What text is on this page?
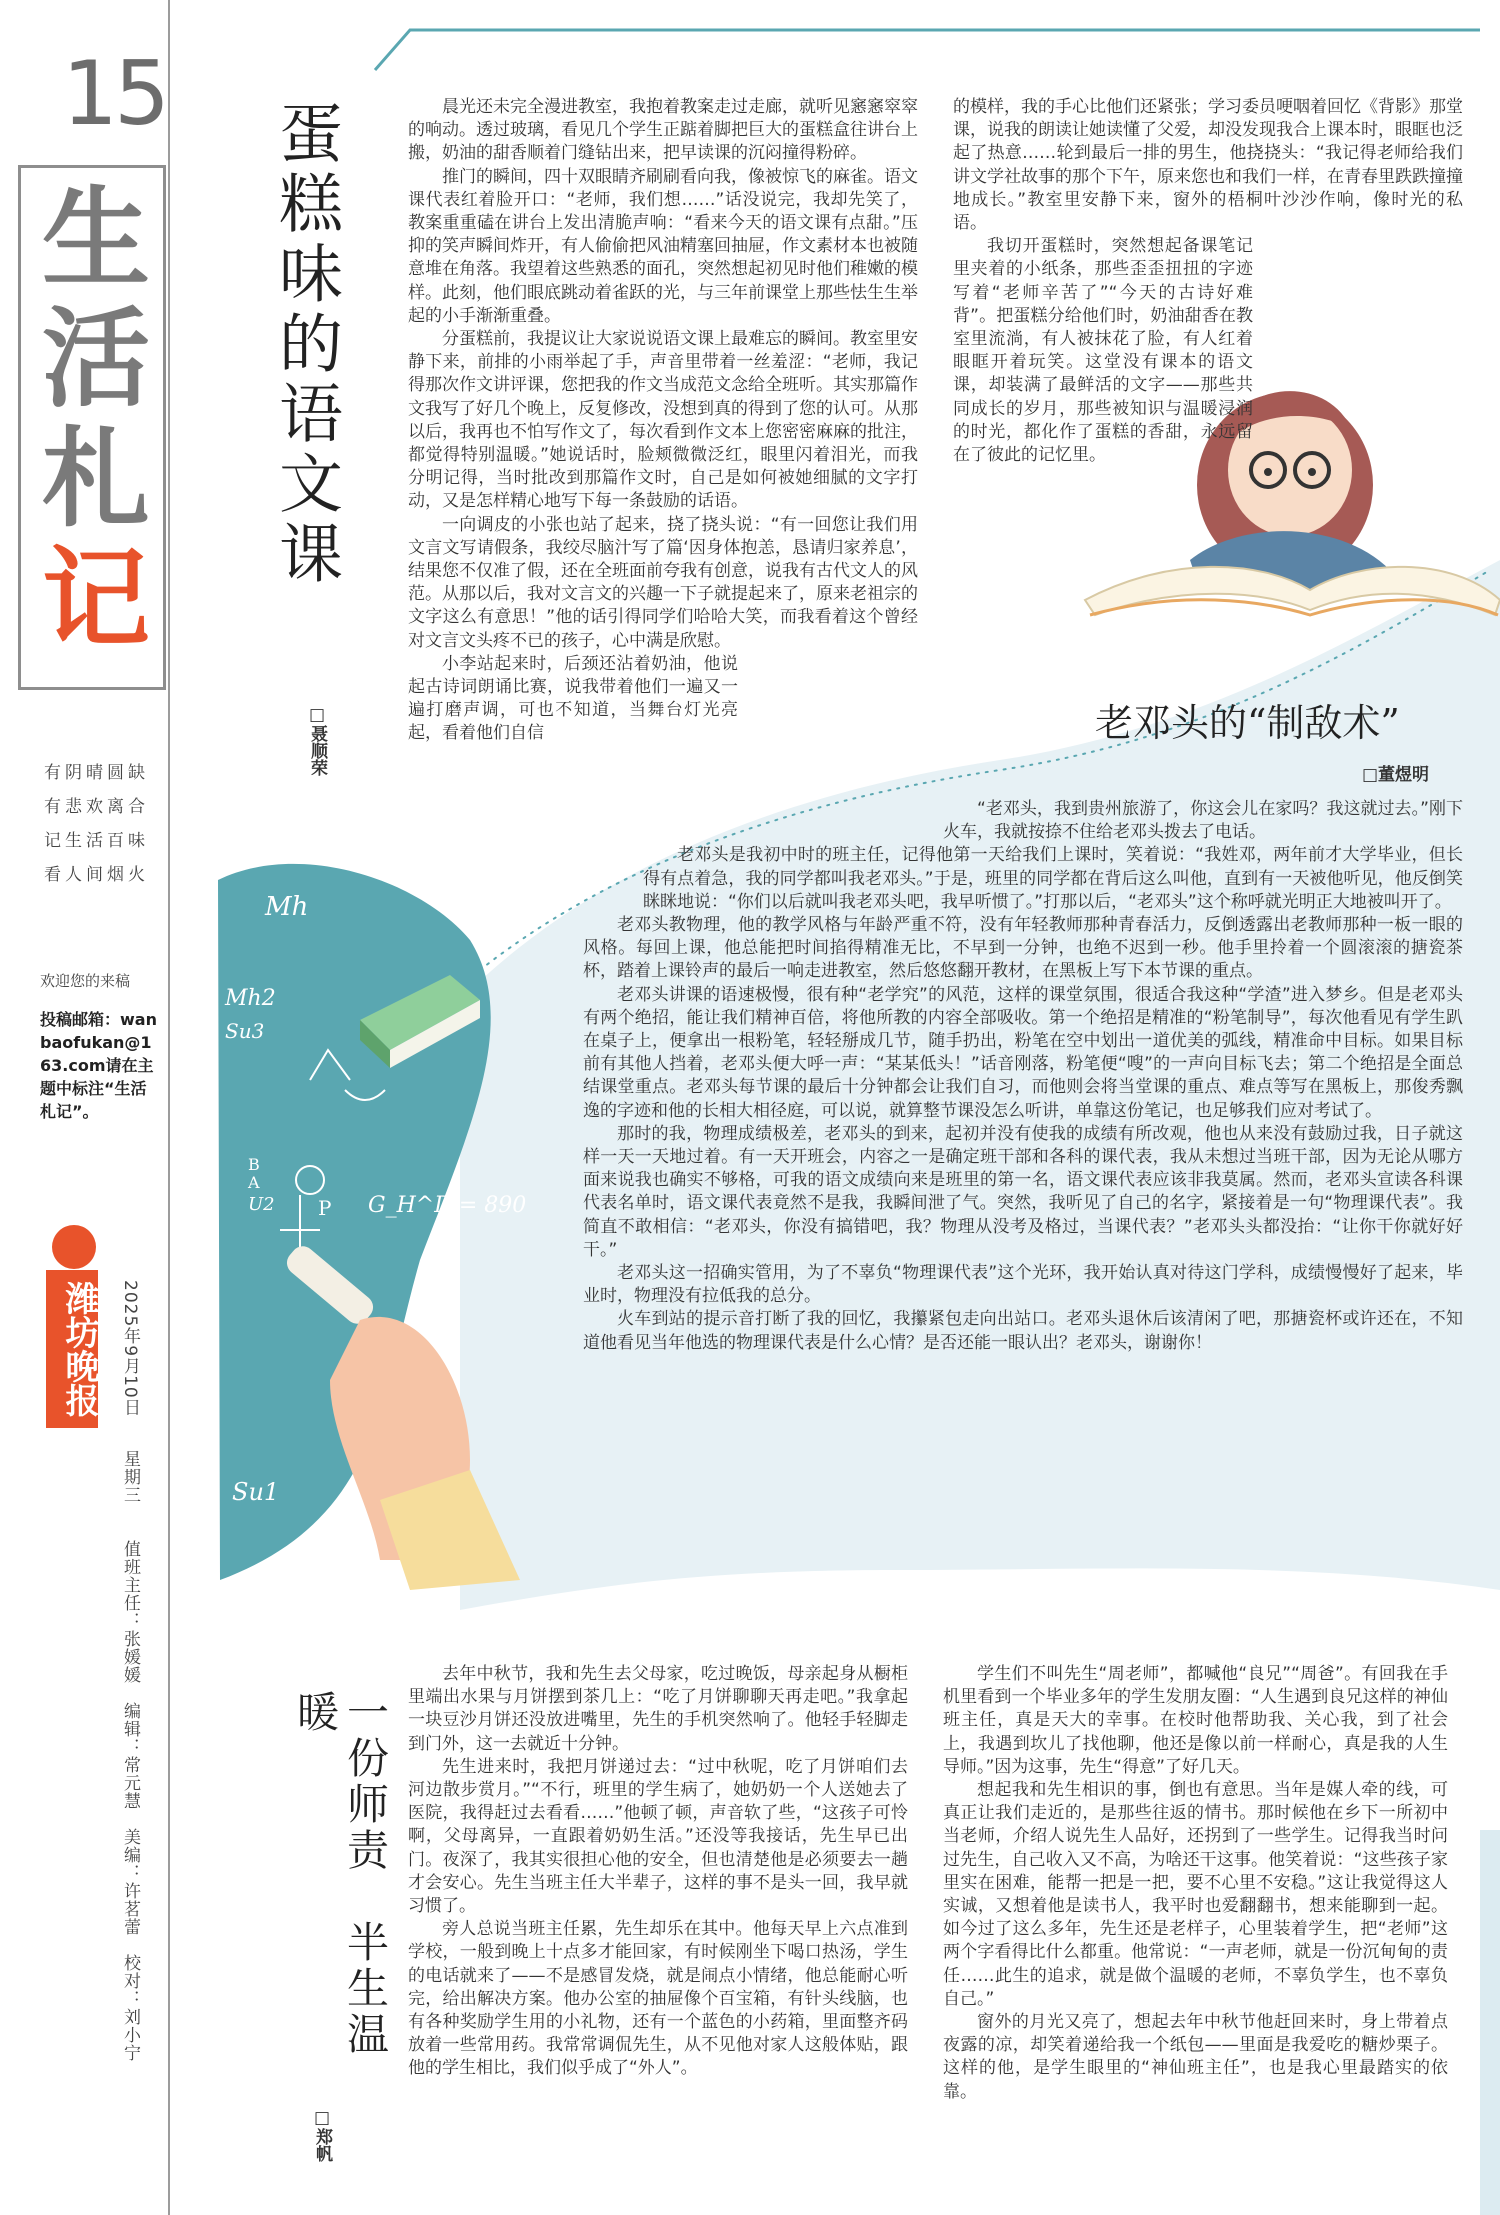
Mh
Mh2
Su3
B
A
U2 P G_H^D = 890
Su1
15
生
活
札
记
有阴晴圆缺
有悲欢离合
记生活百味
看人间烟火
欢迎您的来稿
投稿邮箱：wanbaofukan@163.com请在主题中标注“生活札记”。
潍坊晚报 2025年9月10日
星期三
值班主任：张媛媛　编辑：常元慧　美编：许茗蕾　校对：刘小宁
蛋糕味的语文课
□聂顺荣

晨光还未完全漫进教室，我抱着教案走过走廊，就听见窸窸窣窣的响动。透过玻璃，看见几个学生正踮着脚把巨大的蛋糕盒往讲台上搬，奶油的甜香顺着门缝钻出来，把早读课的沉闷撞得粉碎。

推门的瞬间，四十双眼睛齐刷刷看向我，像被惊飞的麻雀。语文课代表红着脸开口：“老师，我们想……”话没说完，我却先笑了，教案重重磕在讲台上发出清脆声响：“看来今天的语文课有点甜。”压抑的笑声瞬间炸开，有人偷偷把风油精塞回抽屉，作文素材本也被随意堆在角落。我望着这些熟悉的面孔，突然想起初见时他们稚嫩的模样。此刻，他们眼底跳动着雀跃的光，与三年前课堂上那些怯生生举起的小手渐渐重叠。

分蛋糕前，我提议让大家说说语文课上最难忘的瞬间。教室里安静下来，前排的小雨举起了手，声音里带着一丝羞涩：“老师，我记得那次作文讲评课，您把我的作文当成范文念给全班听。其实那篇作文我写了好几个晚上，反复修改，没想到真的得到了您的认可。从那以后，我再也不怕写作文了，每次看到作文本上您密密麻麻的批注，都觉得特别温暖。”她说话时，脸颊微微泛红，眼里闪着泪光，而我分明记得，当时批改到那篇作文时，自己是如何被她细腻的文字打动，又是怎样精心地写下每一条鼓励的话语。

一向调皮的小张也站了起来，挠了挠头说：“有一回您让我们用文言文写请假条，我绞尽脑汁写了篇‘因身体抱恙，恳请归家养息’，结果您不仅准了假，还在全班面前夸我有创意，说我有古代文人的风范。从那以后，我对文言文的兴趣一下子就提起来了，原来老祖宗的文字这么有意思！”他的话引得同学们哈哈大笑，而我看着这个曾经对文言文头疼不已的孩子，心中满是欣慰。

小李站起来时，后颈还沾着奶油，他说起古诗词朗诵比赛，说我带着他们一遍又一遍打磨声调，可也不知道，当舞台灯光亮起，看着他们自信

的模样，我的手心比他们还紧张；学习委员哽咽着回忆《背影》那堂课，说我的朗读让她读懂了父爱，却没发现我合上课本时，眼眶也泛起了热意……轮到最后一排的男生，他挠挠头：“我记得老师给我们讲文学社故事的那个下午，原来您也和我们一样，在青春里跌跌撞撞地成长。”教室里安静下来，窗外的梧桐叶沙沙作响，像时光的私语。

我切开蛋糕时，突然想起备课笔记里夹着的小纸条，那些歪歪扭扭的字迹写着“老师辛苦了”“今天的古诗好难背”。把蛋糕分给他们时，奶油甜香在教室里流淌，有人被抹花了脸，有人红着眼眶开着玩笑。这堂没有课本的语文课，却装满了最鲜活的文字——那些共同成长的岁月，那些被知识与温暖浸润的时光，都化作了蛋糕的香甜，永远留在了彼此的记忆里。

老邓头的“制敌术”
□董煜明

“老邓头，我到贵州旅游了，你这会儿在家吗？我这就过去。”刚下火车，我就按捺不住给老邓头拨去了电话。

老邓头是我初中时的班主任，记得他第一天给我们上课时，笑着说：“我姓邓，两年前才大学毕业，但长得有点着急，我的同学都叫我老邓头。”于是，班里的同学都在背后这么叫他，直到有一天被他听见，他反倒笑眯眯地说：“你们以后就叫我老邓头吧，我早听惯了。”打那以后，“老邓头”这个称呼就光明正大地被叫开了。

老邓头教物理，他的教学风格与年龄严重不符，没有年轻教师那种青春活力，反倒透露出老教师那种一板一眼的风格。每回上课，他总能把时间掐得精准无比，不早到一分钟，也绝不迟到一秒。他手里拎着一个圆滚滚的搪瓷茶杯，踏着上课铃声的最后一响走进教室，然后悠悠翻开教材，在黑板上写下本节课的重点。

老邓头讲课的语速极慢，很有种“老学究”的风范，这样的课堂氛围，很适合我这种“学渣”进入梦乡。但是老邓头有两个绝招，能让我们精神百倍，将他所教的内容全部吸收。第一个绝招是精准的“粉笔制导”，每次他看见有学生趴在桌子上，便拿出一根粉笔，轻轻掰成几节，随手扔出，粉笔在空中划出一道优美的弧线，精准命中目标。如果目标前有其他人挡着，老邓头便大呼一声：“某某低头！”话音刚落，粉笔便“嗖”的一声向目标飞去；第二个绝招是全面总结课堂重点。老邓头每节课的最后十分钟都会让我们自习，而他则会将当堂课的重点、难点等写在黑板上，那俊秀飘逸的字迹和他的长相大相径庭，可以说，就算整节课没怎么听讲，单靠这份笔记，也足够我们应对考试了。

那时的我，物理成绩极差，老邓头的到来，起初并没有使我的成绩有所改观，他也从来没有鼓励过我，日子就这样一天一天地过着。有一天开班会，内容之一是确定班干部和各科的课代表，我从未想过当班干部，因为无论从哪方面来说我也确实不够格，可我的语文成绩向来是班里的第一名，语文课代表应该非我莫属。然而，老邓头宣读各科课代表名单时，语文课代表竟然不是我，我瞬间泄了气。突然，我听见了自己的名字，紧接着是一句“物理课代表”。我简直不敢相信：“老邓头，你没有搞错吧，我？物理从没考及格过，当课代表？”老邓头头都没抬：“让你干你就好好干。”

老邓头这一招确实管用，为了不辜负“物理课代表”这个光环，我开始认真对待这门学科，成绩慢慢好了起来，毕业时，物理没有拉低我的总分。

火车到站的提示音打断了我的回忆，我攥紧包走向出站口。老邓头退休后该清闲了吧，那搪瓷杯或许还在，不知道他看见当年他选的物理课代表是什么心情？是否还能一眼认出？老邓头，谢谢你！

一份师责　半生温暖
□郑帆

去年中秋节，我和先生去父母家，吃过晚饭，母亲起身从橱柜里端出水果与月饼摆到茶几上：“吃了月饼聊聊天再走吧。”我拿起一块豆沙月饼还没放进嘴里，先生的手机突然响了。他轻手轻脚走到门外，这一去就近十分钟。

先生进来时，我把月饼递过去：“过中秋呢，吃了月饼咱们去河边散步赏月。”“不行，班里的学生病了，她奶奶一个人送她去了医院，我得赶过去看看……”他顿了顿，声音软了些，“这孩子可怜啊，父母离异，一直跟着奶奶生活。”还没等我接话，先生早已出门。夜深了，我其实很担心他的安全，但也清楚他是必须要去一趟才会安心。先生当班主任大半辈子，这样的事不是头一回，我早就习惯了。

旁人总说当班主任累，先生却乐在其中。他每天早上六点准到学校，一般到晚上十点多才能回家，有时候刚坐下喝口热汤，学生的电话就来了——不是感冒发烧，就是闹点小情绪，他总能耐心听完，给出解决方案。他办公室的抽屉像个百宝箱，有针头线脑，也有各种奖励学生用的小礼物，还有一个蓝色的小药箱，里面整齐码放着一些常用药。我常常调侃先生，从不见他对家人这般体贴，跟他的学生相比，我们似乎成了“外人”。

学生们不叫先生“周老师”，都喊他“良兄”“周爸”。有回我在手机里看到一个毕业多年的学生发朋友圈：“人生遇到良兄这样的神仙班主任，真是天大的幸事。在校时他帮助我、关心我，到了社会上，我遇到坎儿了找他聊，他还是像以前一样耐心，真是我的人生导师。”因为这事，先生“得意”了好几天。

想起我和先生相识的事，倒也有意思。当年是媒人牵的线，可真正让我们走近的，是那些往返的情书。那时候他在乡下一所初中当老师，介绍人说先生人品好，还拐到了一些学生。记得我当时问过先生，自己收入又不高，为啥还干这事。他笑着说：“这些孩子家里实在困难，能帮一把是一把，要不心里不安稳。”这让我觉得这人实诚，又想着他是读书人，我平时也爱翻翻书，想来能聊到一起。如今过了这么多年，先生还是老样子，心里装着学生，把“老师”这两个字看得比什么都重。他常说：“一声老师，就是一份沉甸甸的责任……此生的追求，就是做个温暖的老师，不辜负学生，也不辜负自己。”

窗外的月光又亮了，想起去年中秋节他赶回来时，身上带着点夜露的凉，却笑着递给我一个纸包——里面是我爱吃的糖炒栗子。这样的他，是学生眼里的“神仙班主任”，也是我心里最踏实的依靠。
